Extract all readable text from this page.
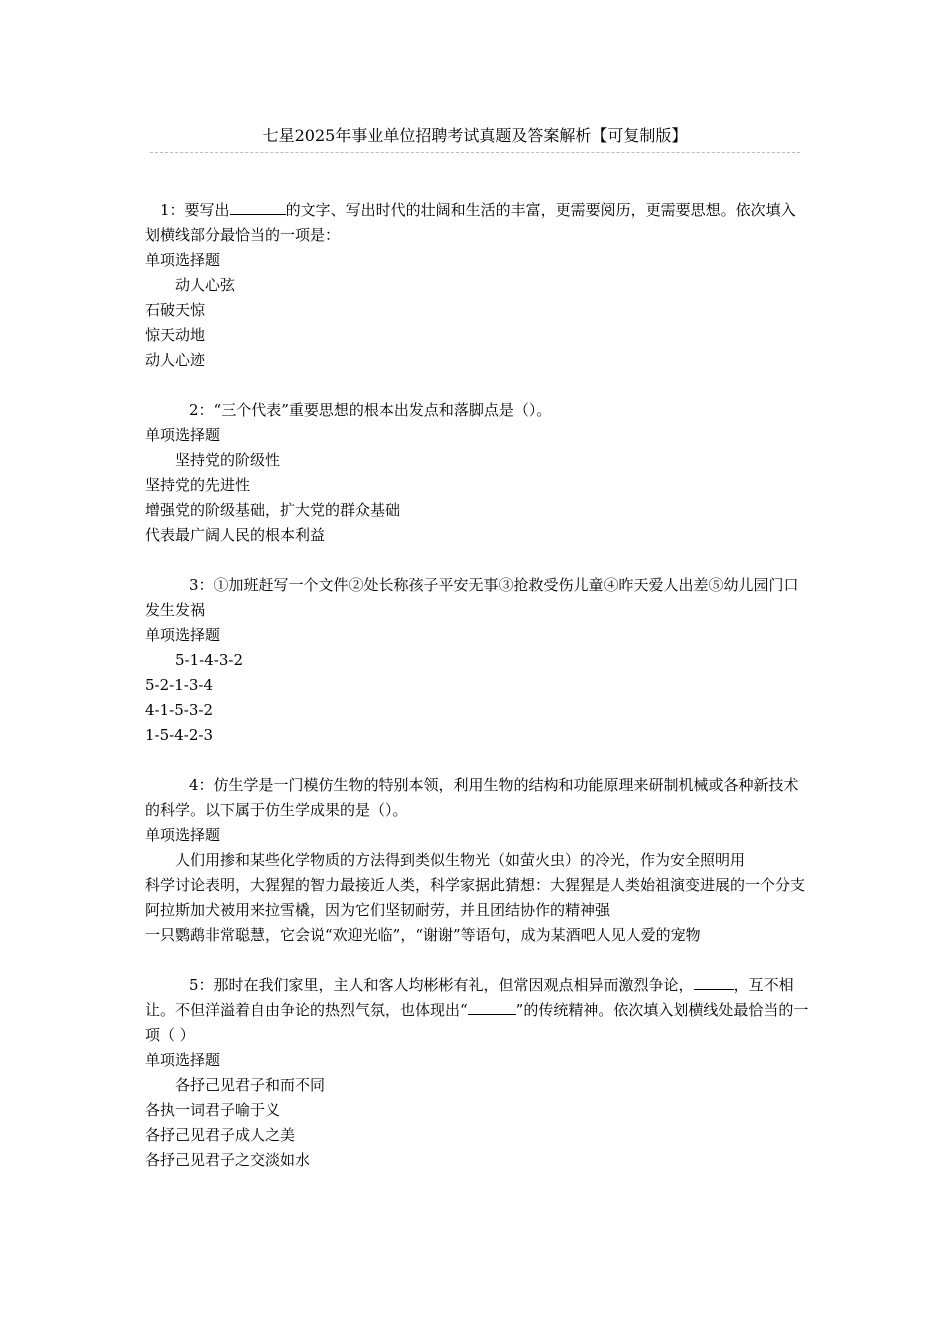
七星2025年事业单位招聘考试真题及答案解析【可复制版】

1：要写出	的文字、写出时代的壮阔和生活的丰富，更需要阅历，更需要思想。依次填入划横线部分最恰当的一项是：

单项选择题

动人心弦

石破天惊

惊天动地

动人心迹

2：“三个代表”重要思想的根本出发点和落脚点是（）。

单项选择题

坚持党的阶级性

坚持党的先进性

增强党的阶级基础，扩大党的群众基础

代表最广阔人民的根本利益

3：①加班赶写一个文件②处长称孩子平安无事③抢救受伤儿童④昨天爱人出差⑤幼儿园门口发生发祸

单项选择题

5-1-4-3-2

5-2-1-3-4

4-1-5-3-2

1-5-4-2-3

4：仿生学是一门模仿生物的特别本领，利用生物的结构和功能原理来研制机械或各种新技术的科学。以下属于仿生学成果的是（）。

单项选择题

人们用掺和某些化学物质的方法得到类似生物光（如萤火虫）的冷光，作为安全照明用

科学讨论表明，大猩猩的智力最接近人类，科学家据此猜想：大猩猩是人类始祖演变进展的一个分支

阿拉斯加犬被用来拉雪橇，因为它们坚韧耐劳，并且团结协作的精神强

一只鹦鹉非常聪慧，它会说“欢迎光临”，“谢谢”等语句，成为某酒吧人见人爱的宠物

5：那时在我们家里，主人和客人均彬彬有礼，但常因观点相异而激烈争论，	，互不相让。不但洋溢着自由争论的热烈气氛，也体现出“	”的传统精神。依次填入划横线处最恰当的一项（ ）

单项选择题

各抒己见君子和而不同

各执一词君子喻于义

各抒己见君子成人之美

各抒己见君子之交淡如水
